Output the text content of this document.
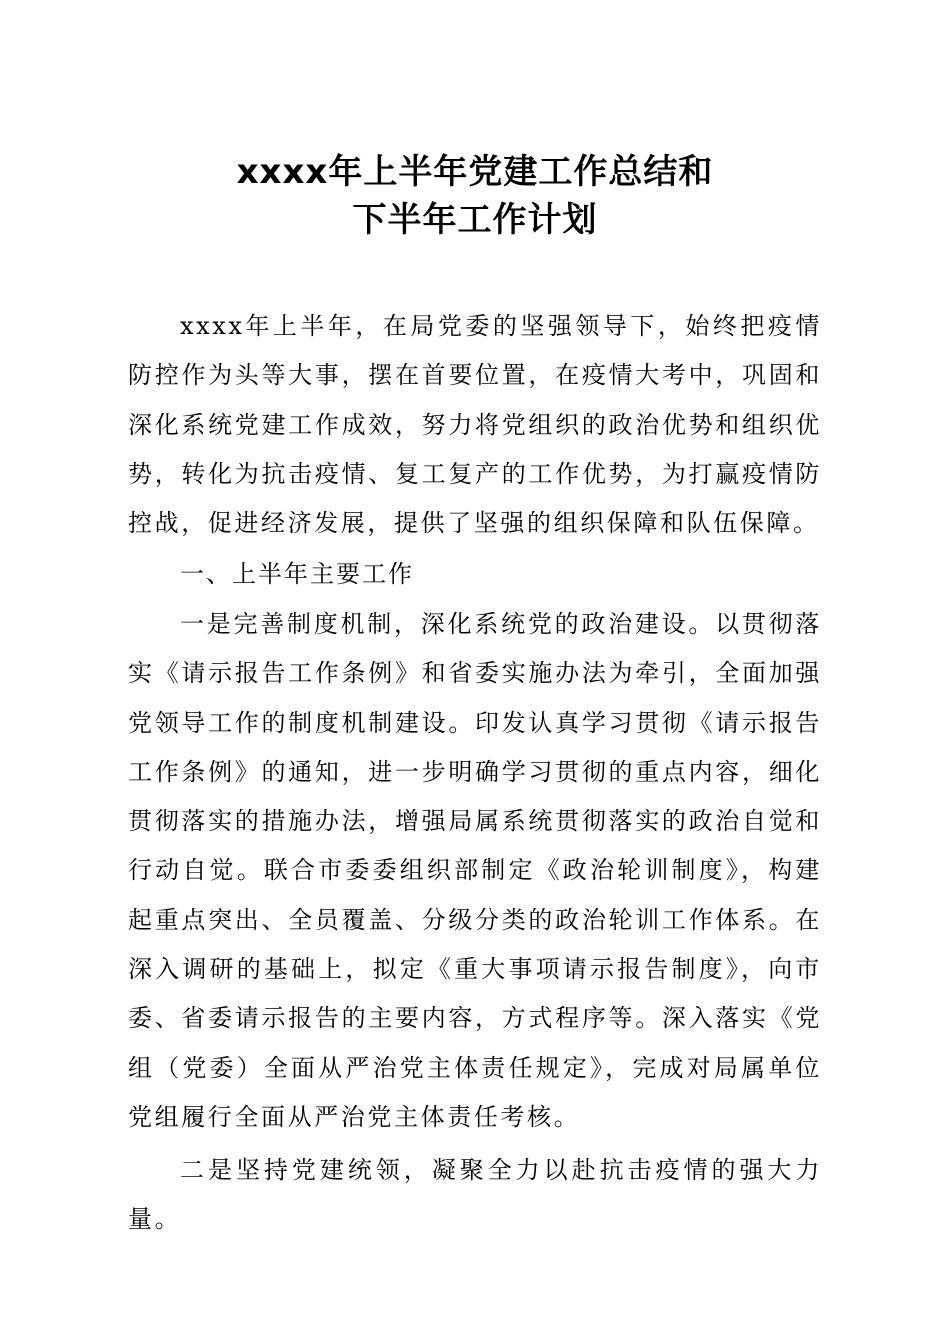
xxxx年上半年党建工作总结和
下半年工作计划
xxxx年上半年，在局党委的坚强领导下，始终把疫情防控作为头等大事，摆在首要位置，在疫情大考中，巩固和深化系统党建工作成效，努力将党组织的政治优势和组织优势，转化为抗击疫情、复工复产的工作优势，为打赢疫情防控战，促进经济发展，提供了坚强的组织保障和队伍保障。
一、上半年主要工作
一是完善制度机制，深化系统党的政治建设。以贯彻落实《请示报告工作条例》和省委实施办法为牵引，全面加强党领导工作的制度机制建设。印发认真学习贯彻《请示报告工作条例》的通知，进一步明确学习贯彻的重点内容，细化贯彻落实的措施办法，增强局属系统贯彻落实的政治自觉和行动自觉。联合市委委组织部制定《政治轮训制度》，构建起重点突出、全员覆盖、分级分类的政治轮训工作体系。在深入调研的基础上，拟定《重大事项请示报告制度》，向市委、省委请示报告的主要内容，方式程序等。深入落实《党组（党委）全面从严治党主体责任规定》，完成对局属单位党组履行全面从严治党主体责任考核。
二是坚持党建统领，凝聚全力以赴抗击疫情的强大力量。
